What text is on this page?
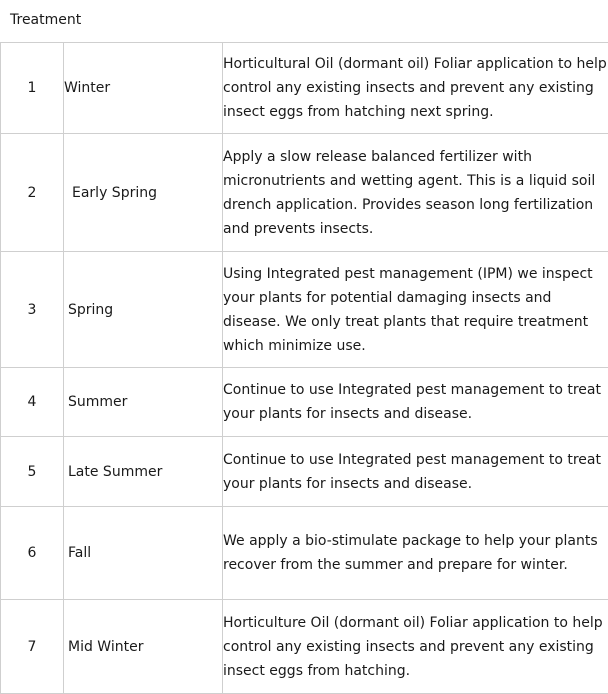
Treatment
1	Winter	Horticultural Oil (dormant oil) Foliar application to help control any existing insects and prevent any existing insect eggs from hatching next spring.

2	Early Spring	Apply a slow release balanced fertilizer with micronutrients and wetting agent. This is a liquid soil drench application. Provides season long fertilization and prevents insects.

3	Spring	Using Integrated pest management (IPM) we inspect your plants for potential damaging insects and disease. We only treat plants that require treatment which minimize use.

4	Summer	Continue to use Integrated pest management to treat your plants for insects and disease.

5	Late Summer	Continue to use Integrated pest management to treat your plants for insects and disease.

6	Fall	We apply a bio-stimulate package to help your plants recover from the summer and prepare for winter.

7	Mid Winter	Horticulture Oil (dormant oil) Foliar application to help control any existing insects and prevent any existing insect eggs from hatching.
